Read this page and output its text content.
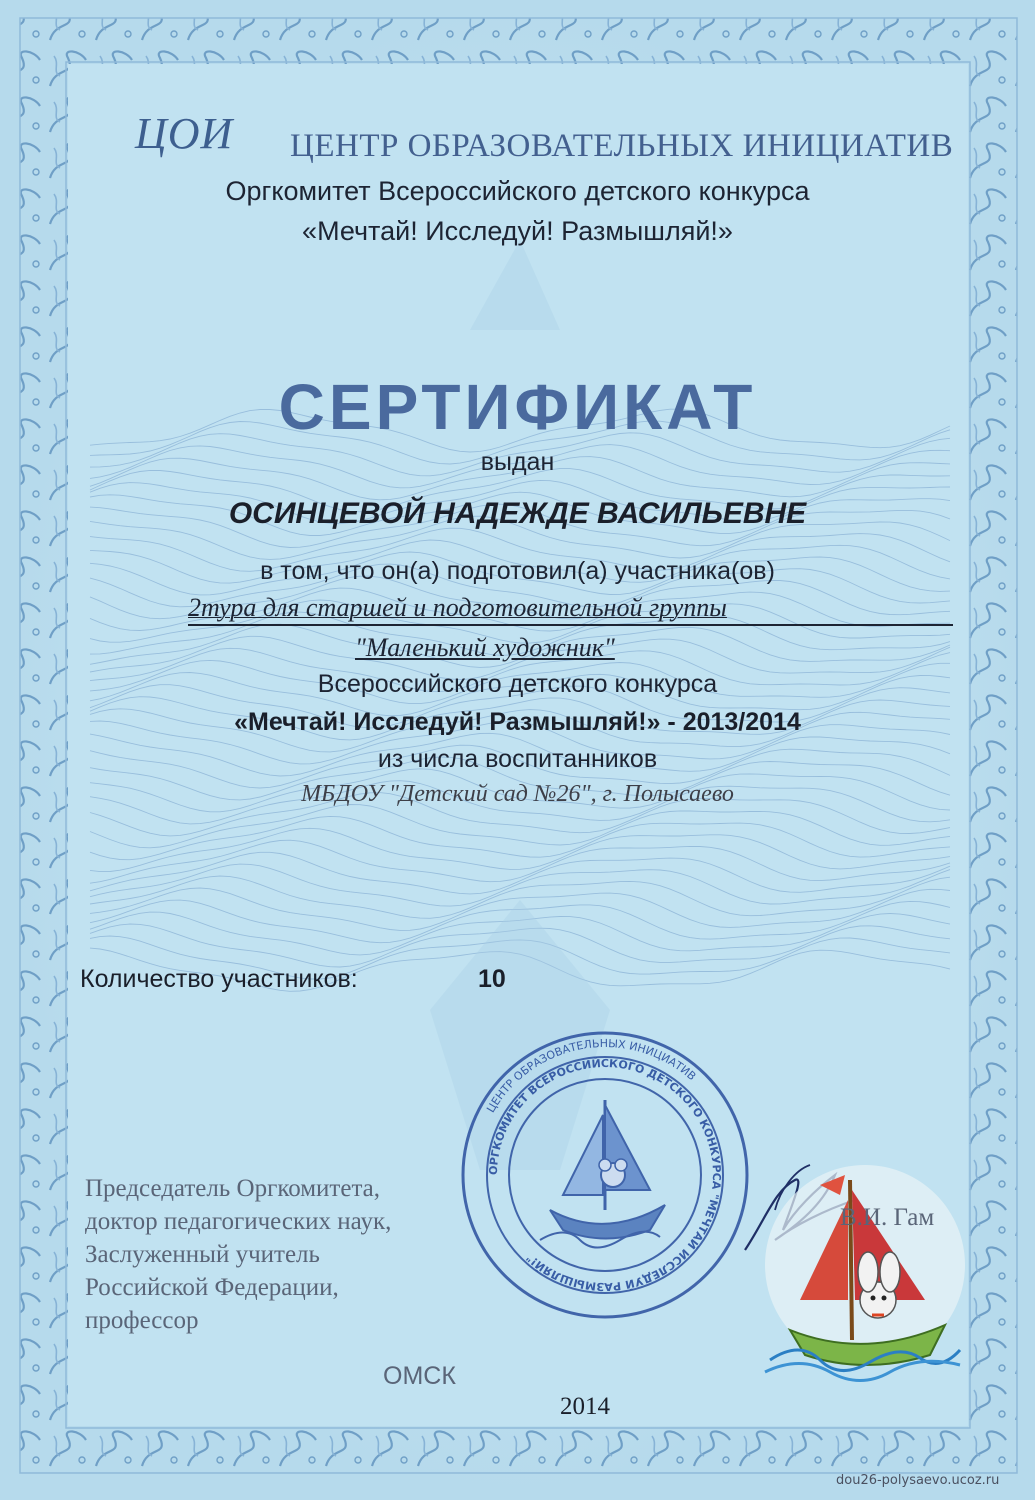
ЦОИ ЦЕНТР ОБРАЗОВАТЕЛЬНЫХ ИНИЦИАТИВ
Оргкомитет Всероссийского детского конкурса
«Мечтай! Исследуй! Размышляй!»
СЕРТИФИКАТ
выдан
ОСИНЦЕВОЙ НАДЕЖДЕ ВАСИЛЬЕВНЕ
в том, что он(а) подготовил(а) участника(ов)
2тура для старшей и подготовительной группы
"Маленький художник"
Всероссийского детского конкурса
«Мечтай! Исследуй! Размышляй!» - 2013/2014
из числа воспитанников
МБДОУ "Детский сад №26", г. Полысаево
Количество участников:	10
ЦЕНТР ОБРАЗОВАТЕЛЬНЫХ ИНИЦИАТИВ
ОРГКОМИТЕТ ВСЕРОССИЙСКОГО ДЕТСКОГО КОНКУРСА "МЕЧТАЙ ИССЛЕДУЙ РАЗМЫШЛЯЙ!"
Председатель Оргкомитета,
доктор педагогических наук,
Заслуженный учитель
Российской Федерации,
профессор
В.И. Гам
ОМСК
2014
dou26-polysaevo.ucoz.ru
